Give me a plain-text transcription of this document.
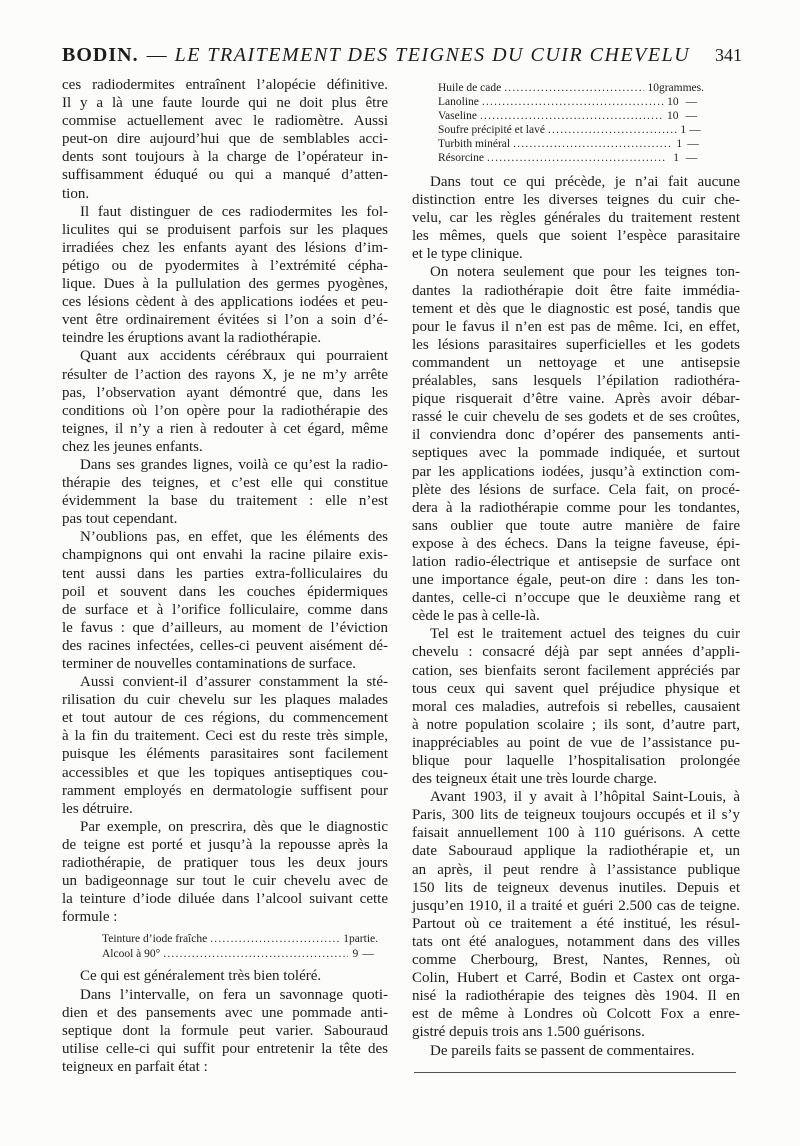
BODIN. — LE TRAITEMENT DES TEIGNES DU CUIR CHEVELU 341
ces radiodermites entraînent l’alopécie définitive.
Il y a là une faute lourde qui ne doit plus être
commise actuellement avec le radiomètre. Aussi
peut-on dire aujourd’hui que de semblables acci-
dents sont toujours à la charge de l’opérateur in-
suffisamment éduqué ou qui a manqué d’atten-
tion.
Il faut distinguer de ces radiodermites les fol-
liculites qui se produisent parfois sur les plaques
irradiées chez les enfants ayant des lésions d’im-
pétigo ou de pyodermites à l’extrémité cépha-
lique. Dues à la pullulation des germes pyogènes,
ces lésions cèdent à des applications iodées et peu-
vent être ordinairement évitées si l’on a soin d’é-
teindre les éruptions avant la radiothérapie.
Quant aux accidents cérébraux qui pourraient
résulter de l’action des rayons X, je ne m’y arrête
pas, l’observation ayant démontré que, dans les
conditions où l’on opère pour la radiothérapie des
teignes, il n’y a rien à redouter à cet égard, même
chez les jeunes enfants.
Dans ses grandes lignes, voilà ce qu’est la radio-
thérapie des teignes, et c’est elle qui constitue
évidemment la base du traitement : elle n’est
pas tout cependant.
N’oublions pas, en effet, que les éléments des
champignons qui ont envahi la racine pilaire exis-
tent aussi dans les parties extra-folliculaires du
poil et souvent dans les couches épidermiques
de surface et à l’orifice folliculaire, comme dans
le favus : que d’ailleurs, au moment de l’éviction
des racines infectées, celles-ci peuvent aisément dé-
terminer de nouvelles contaminations de surface.
Aussi convient-il d’assurer constamment la sté-
rilisation du cuir chevelu sur les plaques malades
et tout autour de ces régions, du commencement
à la fin du traitement. Ceci est du reste très simple,
puisque les éléments parasitaires sont facilement
accessibles et que les topiques antiseptiques cou-
ramment employés en dermatologie suffisent pour
les détruire.
Par exemple, on prescrira, dès que le diagnostic
de teigne est porté et jusqu’à la repousse après la
radiothérapie, de pratiquer tous les deux jours
un badigeonnage sur tout le cuir chevelu avec de
la teinture d’iode diluée dans l’alcool suivant cette
formule :
Teinture d’iode fraîche .....	1 partie.
Alcool à 90° .....	9 —
Ce qui est généralement très bien toléré.
Dans l’intervalle, on fera un savonnage quoti-
dien et des pansements avec une pommade anti-
septique dont la formule peut varier. Sabouraud
utilise celle-ci qui suffit pour entretenir la tête des
teigneux en parfait état :
Huile de cade .....	10 grammes.
Lanoline .....	10 —
Vaseline .....	10 —
Soufre précipité et lavé .....	1 —
Turbith minéral .....	1 —
Résorcine .....	1 —
Dans tout ce qui précède, je n’ai fait aucune
distinction entre les diverses teignes du cuir che-
velu, car les règles générales du traitement restent
les mêmes, quels que soient l’espèce parasitaire
et le type clinique.
On notera seulement que pour les teignes ton-
dantes la radiothérapie doit être faite immédia-
tement et dès que le diagnostic est posé, tandis que
pour le favus il n’en est pas de même. Ici, en effet,
les lésions parasitaires superficielles et les godets
commandent un nettoyage et une antisepsie
préalables, sans lesquels l’épilation radiothéra-
pique risquerait d’être vaine. Après avoir débar-
rassé le cuir chevelu de ses godets et de ses croûtes,
il conviendra donc d’opérer des pansements anti-
septiques avec la pommade indiquée, et surtout
par les applications iodées, jusqu’à extinction com-
plète des lésions de surface. Cela fait, on procé-
dera à la radiothérapie comme pour les tondantes,
sans oublier que toute autre manière de faire
expose à des échecs. Dans la teigne faveuse, épi-
lation radio-électrique et antisepsie de surface ont
une importance égale, peut-on dire : dans les ton-
dantes, celle-ci n’occupe que le deuxième rang et
cède le pas à celle-là.
Tel est le traitement actuel des teignes du cuir
chevelu : consacré déjà par sept années d’appli-
cation, ses bienfaits seront facilement appréciés par
tous ceux qui savent quel préjudice physique et
moral ces maladies, autrefois si rebelles, causaient
à notre population scolaire ; ils sont, d’autre part,
inappréciables au point de vue de l’assistance pu-
blique pour laquelle l’hospitalisation prolongée
des teigneux était une très lourde charge.
Avant 1903, il y avait à l’hôpital Saint-Louis, à
Paris, 300 lits de teigneux toujours occupés et il s’y
faisait annuellement 100 à 110 guérisons. A cette
date Sabouraud applique la radiothérapie et, un
an après, il peut rendre à l’assistance publique
150 lits de teigneux devenus inutiles. Depuis et
jusqu’en 1910, il a traité et guéri 2.500 cas de teigne.
Partout où ce traitement a été institué, les résul-
tats ont été analogues, notamment dans des villes
comme Cherbourg, Brest, Nantes, Rennes, où
Colin, Hubert et Carré, Bodin et Castex ont orga-
nisé la radiothérapie des teignes dès 1904. Il en
est de même à Londres où Colcott Fox a enre-
gistré depuis trois ans 1.500 guérisons.
De pareils faits se passent de commentaires.
